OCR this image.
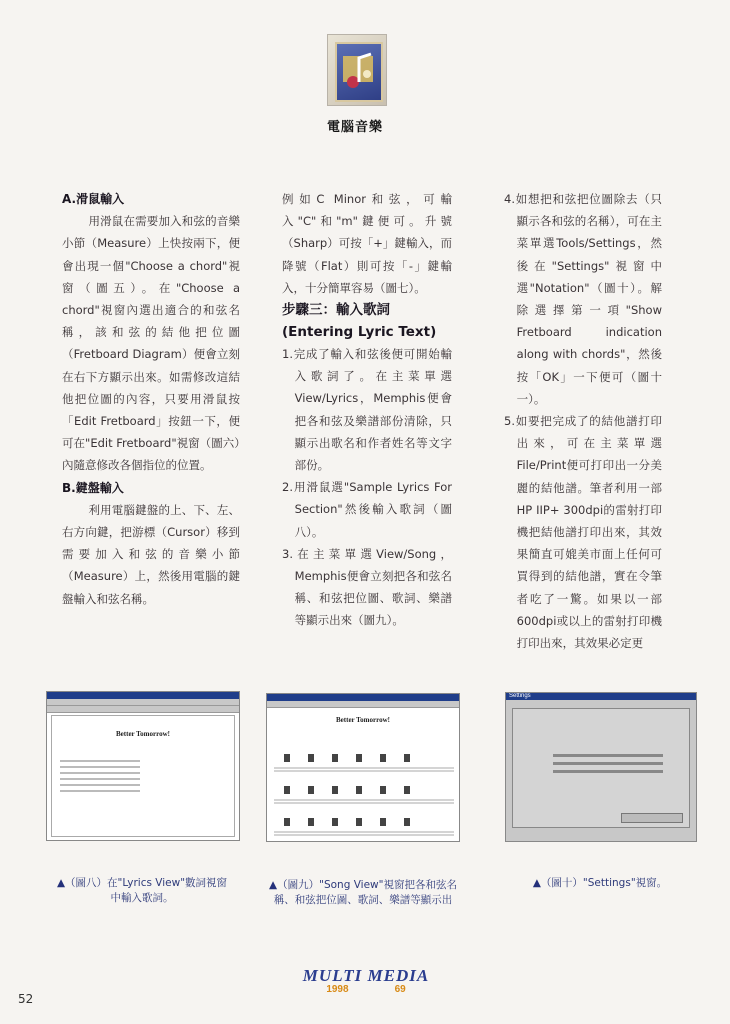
電腦音樂

A.滑鼠輸入

用滑鼠在需要加入和弦的音樂小節（Measure）上快按兩下，便會出現一個"Choose a chord"視窗（圖五）。在"Choose a chord"視窗內選出適合的和弦名稱，該和弦的結他把位圖（Fretboard Diagram）便會立刻在右下方顯示出來。如需修改這結他把位圖的內容，只要用滑鼠按「Edit Fretboard」按鈕一下，便可在"Edit Fretboard"視窗（圖六）內隨意修改各個指位的位置。

B.鍵盤輸入

利用電腦鍵盤的上、下、左、右方向鍵，把游標（Cursor）移到需要加入和弦的音樂小節（Measure）上，然後用電腦的鍵盤輸入和弦名稱。

例如C Minor和弦，可輸入"C"和"m"鍵便可。升號（Sharp）可按「+」鍵輸入，而降號（Flat）則可按「-」鍵輸入，十分簡單容易（圖七）。

步驟三：輸入歌詞

(Entering Lyric Text)

1.完成了輸入和弦後便可開始輸入歌詞了。在主菜單選View/Lyrics，Memphis便會把各和弦及樂譜部份清除，只顯示出歌名和作者姓名等文字部份。

2.用滑鼠選"Sample Lyrics For Section"然後輸入歌詞（圖八）。

3.在主菜單選View/Song，Memphis便會立刻把各和弦名稱、和弦把位圖、歌詞、樂譜等顯示出來（圖九）。

4.如想把和弦把位圖除去（只顯示各和弦的名稱），可在主菜單選Tools/Settings，然後在"Settings"視窗中選"Notation"（圖十）。解除選擇第一項"Show Fretboard indication along with chords"，然後按「OK」一下便可（圖十一）。

5.如要把完成了的結他譜打印出來，可在主菜單選File/Print便可打印出一分美麗的結他譜。筆者利用一部HP IIP+ 300dpi的雷射打印機把結他譜打印出來，其效果簡直可媲美市面上任何可買得到的結他譜，實在令筆者吃了一驚。如果以一部600dpi或以上的雷射打印機打印出來，其效果必定更

Better Tomorrow!
Better Tomorrow!
Settings
▲（圖八）在"Lyrics View"數詞視窗中輸入歌詞。
▲（圖九）"Song View"視窗把各和弦名稱、和弦把位圖、歌詞、樂譜等顯示出
▲（圖十）"Settings"視窗。
52
MULTI MEDIA
1998	69
